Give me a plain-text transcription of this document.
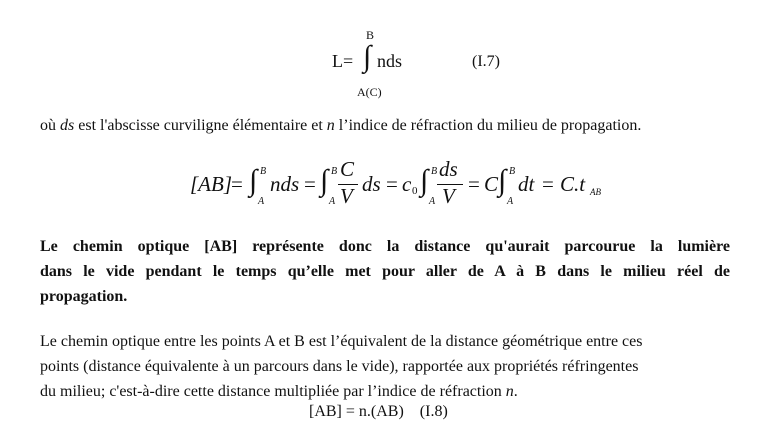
B
L= ∫ nds
A(C)
(I.7)
où ds est l'abscisse curviligne élémentaire et n l’indice de réfraction du milieu de propagation.
[AB] = ∫ B
A
nds = ∫ B
A
C
V ds = c 0 ∫ B
A
ds
V = C ∫ B
A
dt = C.t AB
Le chemin optique [AB] représente donc la distance qu'aurait parcourue la lumière
dans le vide pendant le temps qu’elle met pour aller de A à B dans le milieu réel de
propagation.
Le chemin optique entre les points A et B est l’équivalent de la distance géométrique entre ces
points (distance équivalente à un parcours dans le vide), rapportée aux propriétés réfringentes
du milieu; c'est-à-dire cette distance multipliée par l’indice de réfraction n.
[AB] = n.(AB) (I.8)
